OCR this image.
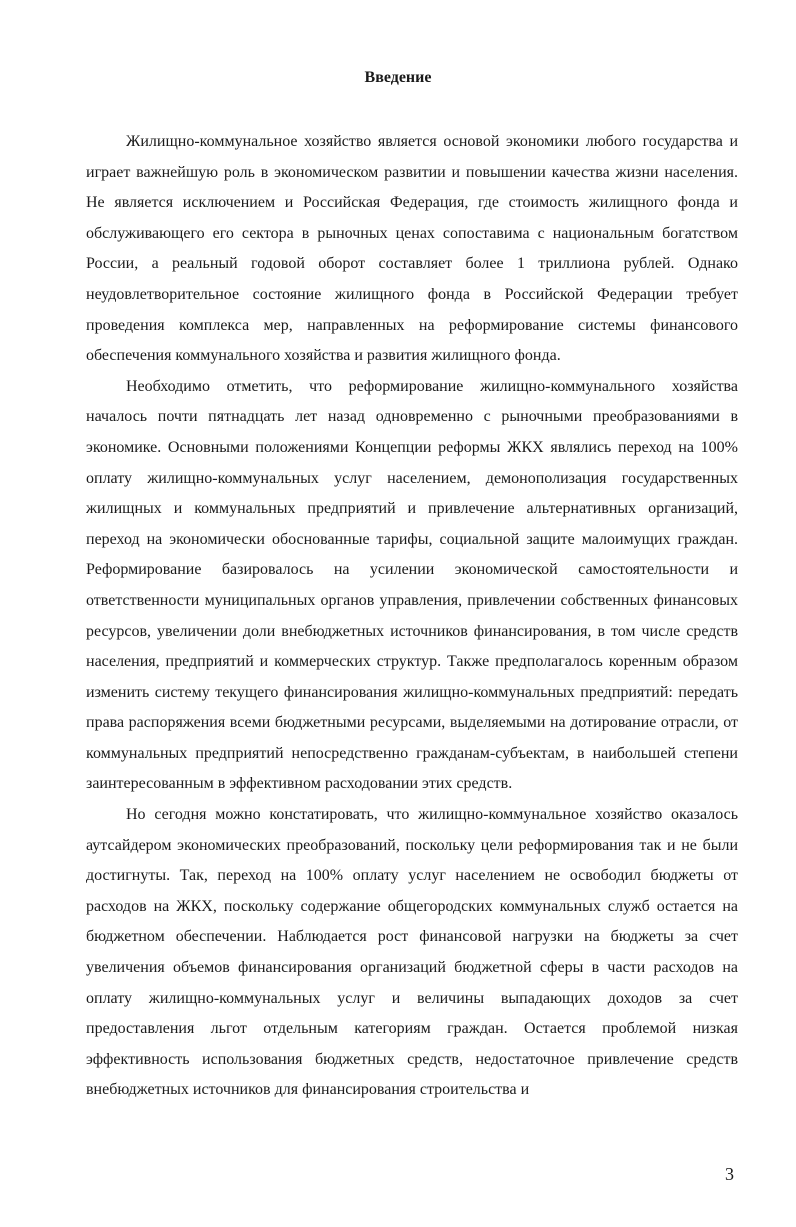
Введение

Жилищно-коммунальное хозяйство является основой экономики любого государства и играет важнейшую роль в экономическом развитии и повышении качества жизни населения. Не является исключением и Российская Федерация, где стоимость жилищного фонда и обслуживающего его сектора в рыночных ценах сопоставима с национальным богатством России, а реальный годовой оборот составляет более 1 триллиона рублей. Однако неудовлетворительное состояние жилищного фонда в Российской Федерации требует проведения комплекса мер, направленных на реформирование системы финансового обеспечения коммунального хозяйства и развития жилищного фонда.

Необходимо отметить, что реформирование жилищно-коммунального хозяйства началось почти пятнадцать лет назад одновременно с рыночными преобразованиями в экономике. Основными положениями Концепции реформы ЖКХ являлись переход на 100% оплату жилищно-коммунальных услуг населением, демонополизация государственных жилищных и коммунальных предприятий и привлечение альтернативных организаций, переход на экономически обоснованные тарифы, социальной защите малоимущих граждан. Реформирование базировалось на усилении экономической самостоятельности и ответственности муниципальных органов управления, привлечении собственных финансовых ресурсов, увеличении доли внебюджетных источников финансирования, в том числе средств населения, предприятий и коммерческих структур. Также предполагалось коренным образом изменить систему текущего финансирования жилищно-коммунальных предприятий: передать права распоряжения всеми бюджетными ресурсами, выделяемыми на дотирование отрасли, от коммунальных предприятий непосредственно гражданам-субъектам, в наибольшей степени заинтересованным в эффективном расходовании этих средств.

Но сегодня можно констатировать, что жилищно-коммунальное хозяйство оказалось аутсайдером экономических преобразований, поскольку цели реформирования так и не были достигнуты. Так, переход на 100% оплату услуг населением не освободил бюджеты от расходов на ЖКХ, поскольку содержание общегородских коммунальных служб остается на бюджетном обеспечении. Наблюдается рост финансовой нагрузки на бюджеты за счет увеличения объемов финансирования организаций бюджетной сферы в части расходов на оплату жилищно-коммунальных услуг и величины выпадающих доходов за счет предоставления льгот отдельным категориям граждан. Остается проблемой низкая эффективность использования бюджетных средств, недостаточное привлечение средств внебюджетных источников для финансирования строительства и

3
